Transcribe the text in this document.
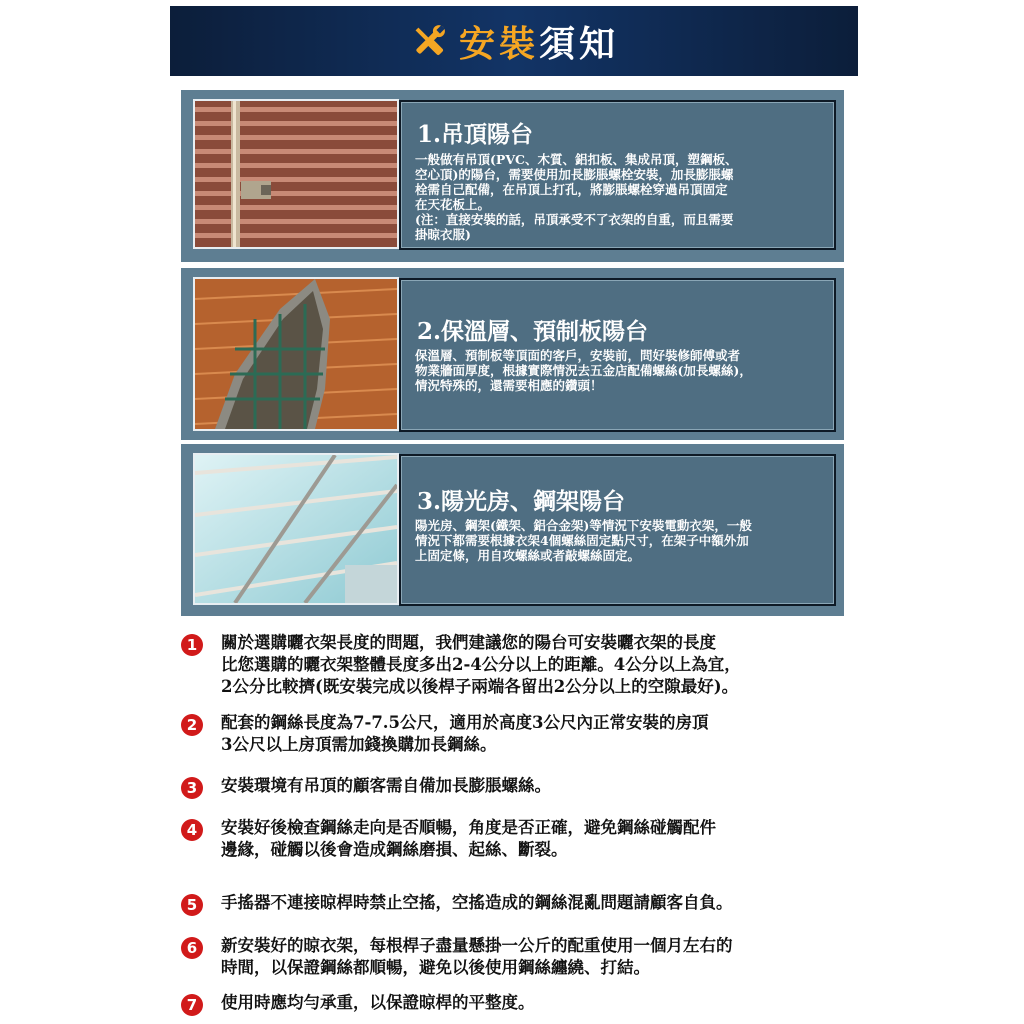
安裝須知
1.吊頂陽台
一般做有吊頂(PVC、木質、鋁扣板、集成吊頂，塑鋼板、
空心頂)的陽台，需要使用加長膨脹螺栓安裝，加長膨脹螺
栓需自己配備，在吊頂上打孔，將膨脹螺栓穿過吊頂固定
在天花板上。
(注：直接安裝的話，吊頂承受不了衣架的自重，而且需要
掛晾衣服)
2.保溫層、預制板陽台
保溫層、預制板等頂面的客戶，安裝前，問好裝修師傅或者
物業牆面厚度，根據實際情況去五金店配備螺絲(加長螺絲)，
情況特殊的，還需要相應的鑽頭！
3.陽光房、鋼架陽台
陽光房、鋼架(鐵架、鋁合金架)等情況下安裝電動衣架，一般
情況下都需要根據衣架4個螺絲固定點尺寸，在架子中額外加
上固定條，用自攻螺絲或者敲螺絲固定。
1	關於選購曬衣架長度的問題，我們建議您的陽台可安裝曬衣架的長度
比您選購的曬衣架整體長度多出2-4公分以上的距離。4公分以上為宜，
2公分比較擠(既安裝完成以後桿子兩端各留出2公分以上的空隙最好)。
2	配套的鋼絲長度為7-7.5公尺，適用於高度3公尺內正常安裝的房頂
3公尺以上房頂需加錢換購加長鋼絲。
3	安裝環境有吊頂的顧客需自備加長膨脹螺絲。
4	安裝好後檢查鋼絲走向是否順暢，角度是否正確，避免鋼絲碰觸配件
邊緣，碰觸以後會造成鋼絲磨損、起絲、斷裂。
5	手搖器不連接晾桿時禁止空搖，空搖造成的鋼絲混亂問題請顧客自負。
6	新安裝好的晾衣架，每根桿子盡量懸掛一公斤的配重使用一個月左右的
時間，以保證鋼絲都順暢，避免以後使用鋼絲纏繞、打結。
7	使用時應均勻承重，以保證晾桿的平整度。
